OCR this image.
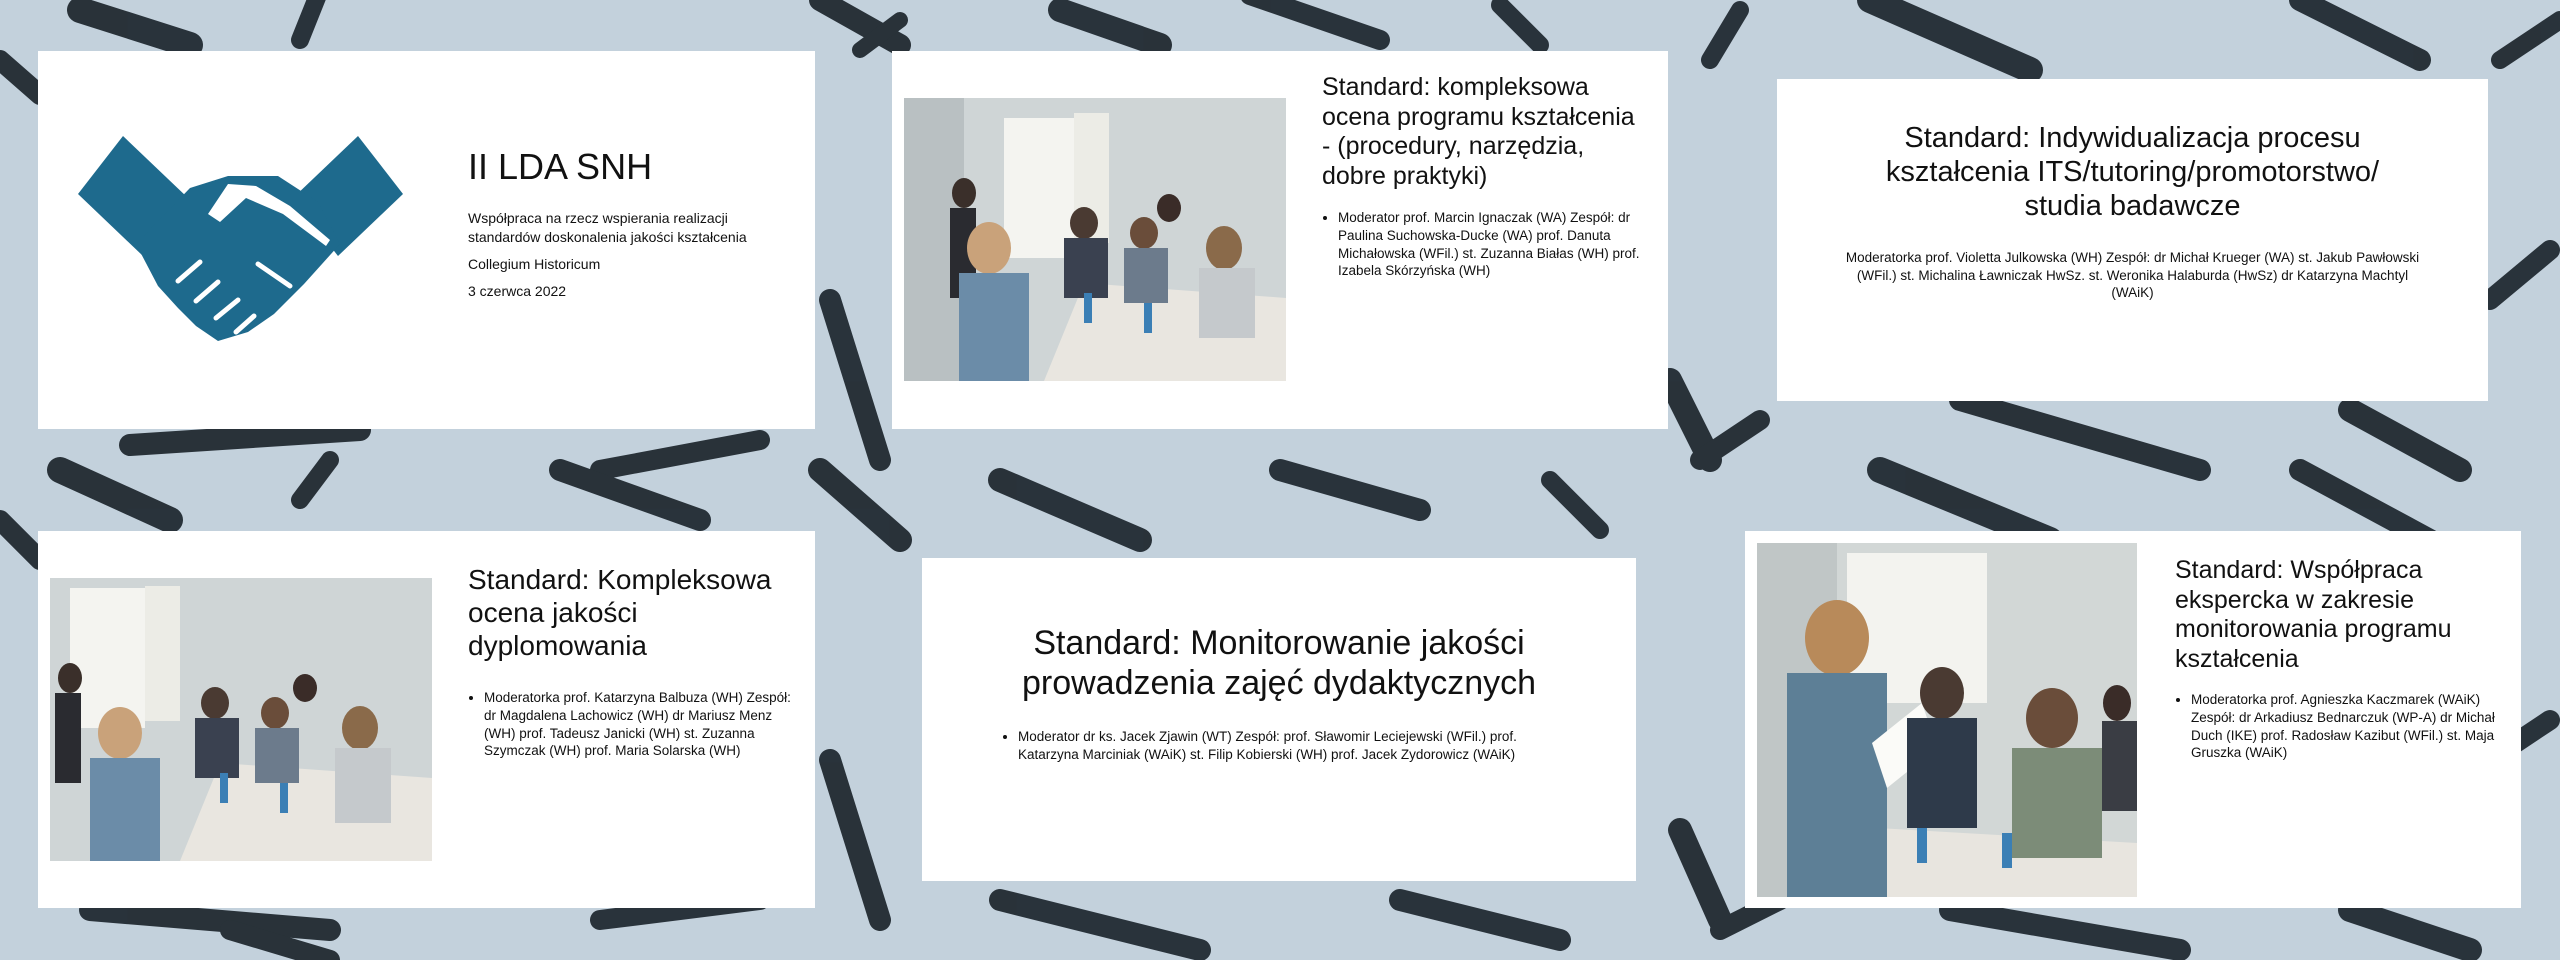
II LDA SNH

Współpraca na rzecz wspierania realizacji standardów doskonalenia jakości kształcenia

Collegium Historicum

3 czerwca 2022

Standard: kompleksowa ocena programu kształcenia - (procedury, narzędzia, dobre praktyki)
• Moderator prof. Marcin Ignaczak (WA) Zespół: dr Paulina Suchowska-Ducke (WA) prof. Danuta Michałowska (WFil.) st. Zuzanna Białas (WH) prof. Izabela Skórzyńska (WH)
Standard: Indywidualizacja procesu kształcenia ITS/tutoring/promotorstwo/ studia badawcze
Moderatorka prof. Violetta Julkowska (WH) Zespół: dr Michał Krueger (WA) st. Jakub Pawłowski (WFil.) st. Michalina Ławniczak HwSz. st. Weronika Halaburda (HwSz) dr Katarzyna Machtyl (WAiK)
Standard: Kompleksowa ocena jakości dyplomowania
• Moderatorka prof. Katarzyna Balbuza (WH) Zespół: dr Magdalena Lachowicz (WH) dr Mariusz Menz (WH) prof. Tadeusz Janicki (WH) st. Zuzanna Szymczak (WH) prof. Maria Solarska (WH)
Standard: Monitorowanie jakości prowadzenia zajęć dydaktycznych
• Moderator dr ks. Jacek Zjawin (WT) Zespół: prof. Sławomir Leciejewski (WFil.) prof. Katarzyna Marciniak (WAiK) st. Filip Kobierski (WH) prof. Jacek Zydorowicz (WAiK)
Standard: Współpraca ekspercka w zakresie monitorowania programu kształcenia
• Moderatorka prof. Agnieszka Kaczmarek (WAiK) Zespół: dr Arkadiusz Bednarczuk (WP-A) dr Michał Duch (IKE) prof. Radosław Kazibut (WFil.) st. Maja Gruszka (WAiK)
